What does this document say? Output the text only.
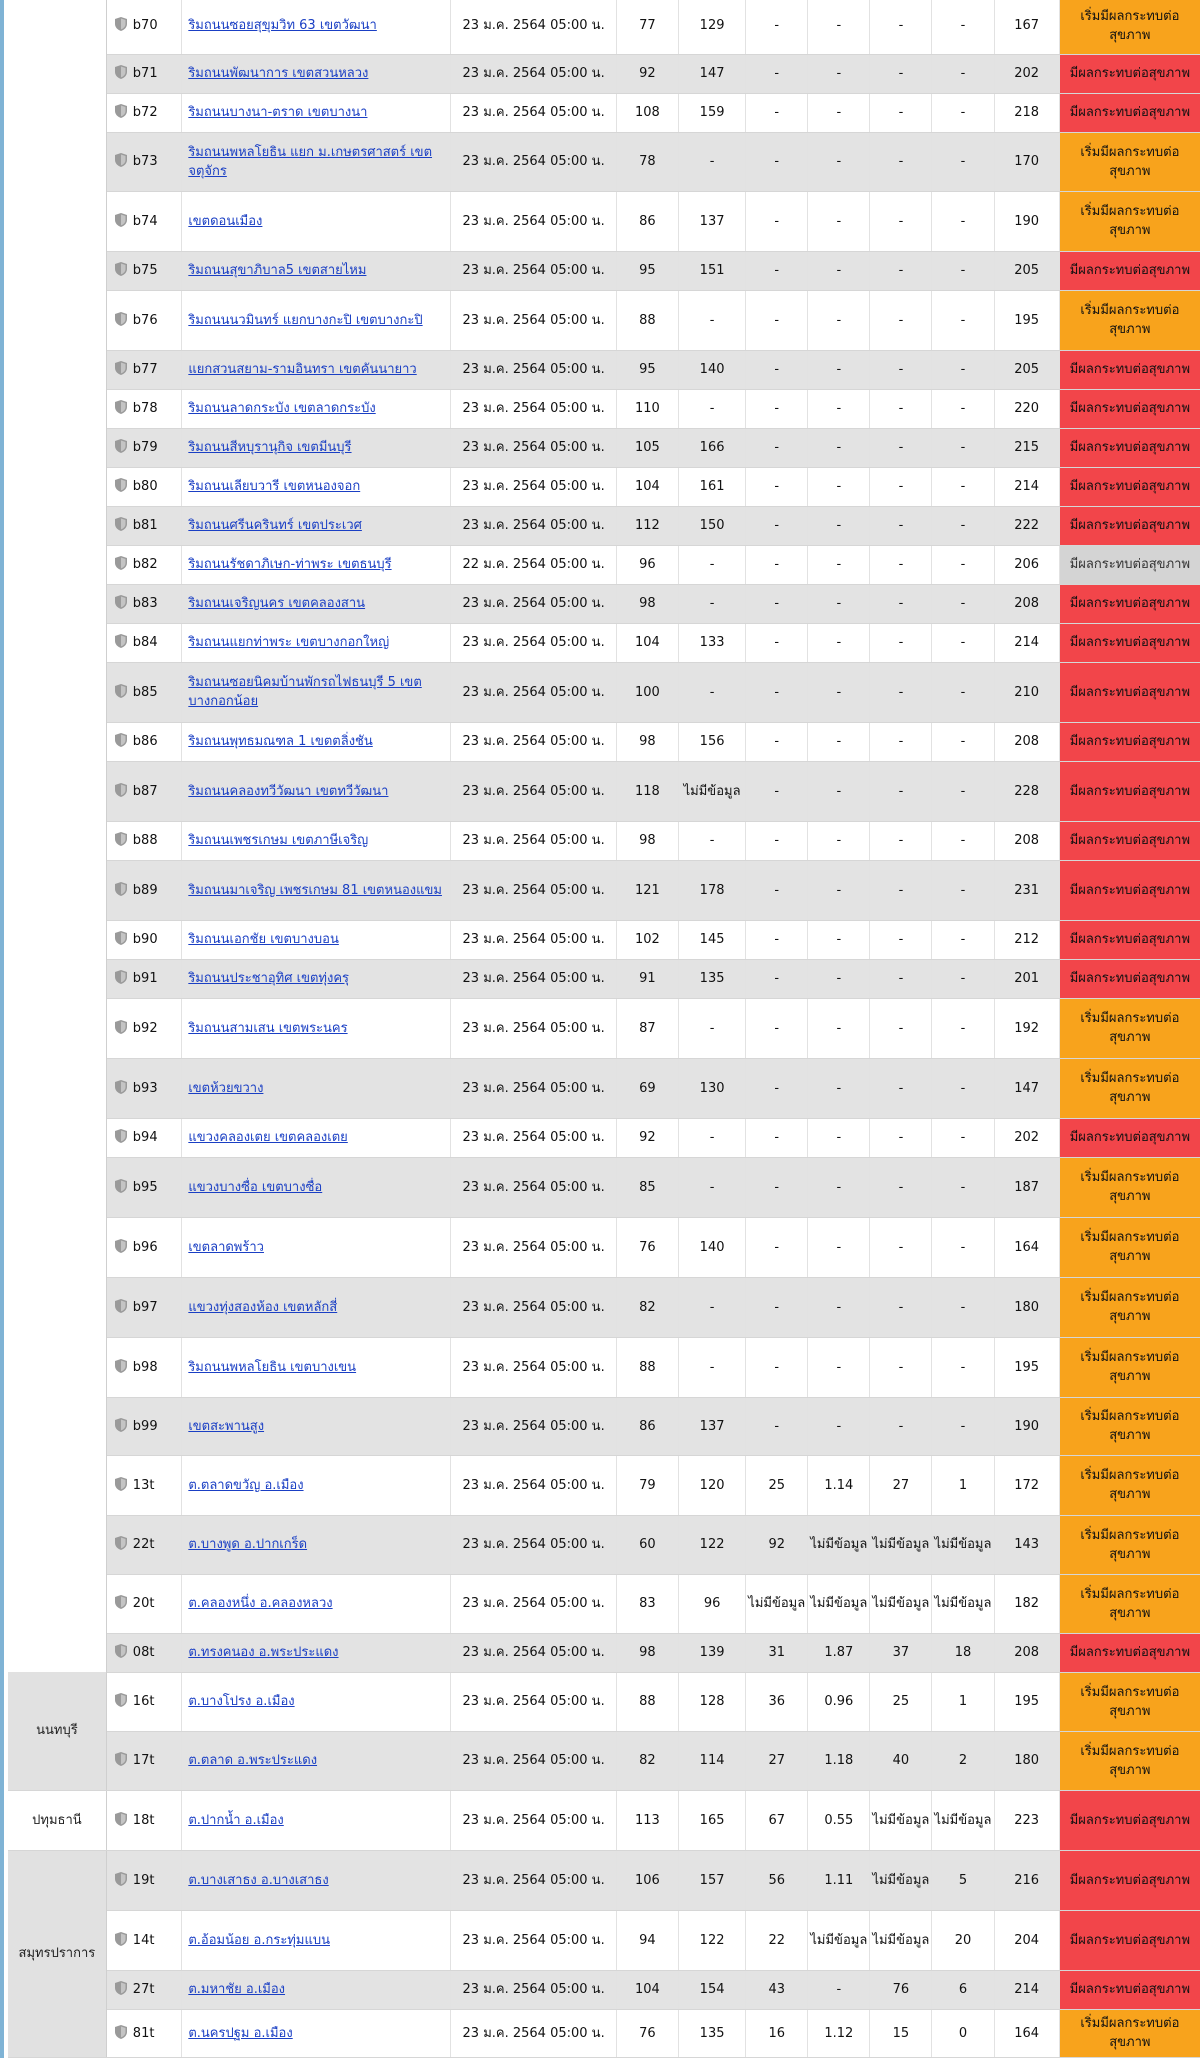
	b70	ริมถนนซอยสุขุมวิท 63 เขตวัฒนา	23 ม.ค. 2564 05:00 น.	77	129	-	-	-	-	167	เริ่มมีผลกระทบต่อสุขภาพ
	b71	ริมถนนพัฒนาการ เขตสวนหลวง	23 ม.ค. 2564 05:00 น.	92	147	-	-	-	-	202	มีผลกระทบต่อสุขภาพ
	b72	ริมถนนบางนา-ตราด เขตบางนา	23 ม.ค. 2564 05:00 น.	108	159	-	-	-	-	218	มีผลกระทบต่อสุขภาพ
	b73	ริมถนนพหลโยธิน แยก ม.เกษตรศาสตร์ เขตจตุจักร	23 ม.ค. 2564 05:00 น.	78	-	-	-	-	-	170	เริ่มมีผลกระทบต่อสุขภาพ
	b74	เขตดอนเมือง	23 ม.ค. 2564 05:00 น.	86	137	-	-	-	-	190	เริ่มมีผลกระทบต่อสุขภาพ
	b75	ริมถนนสุขาภิบาล5 เขตสายไหม	23 ม.ค. 2564 05:00 น.	95	151	-	-	-	-	205	มีผลกระทบต่อสุขภาพ
	b76	ริมถนนนวมินทร์ แยกบางกะปิ เขตบางกะปิ	23 ม.ค. 2564 05:00 น.	88	-	-	-	-	-	195	เริ่มมีผลกระทบต่อสุขภาพ
	b77	แยกสวนสยาม-รามอินทรา เขตคันนายาว	23 ม.ค. 2564 05:00 น.	95	140	-	-	-	-	205	มีผลกระทบต่อสุขภาพ
	b78	ริมถนนลาดกระบัง เขตลาดกระบัง	23 ม.ค. 2564 05:00 น.	110	-	-	-	-	-	220	มีผลกระทบต่อสุขภาพ
	b79	ริมถนนสีหบุรานุกิจ เขตมีนบุรี	23 ม.ค. 2564 05:00 น.	105	166	-	-	-	-	215	มีผลกระทบต่อสุขภาพ
	b80	ริมถนนเลียบวารี เขตหนองจอก	23 ม.ค. 2564 05:00 น.	104	161	-	-	-	-	214	มีผลกระทบต่อสุขภาพ
	b81	ริมถนนศรีนครินทร์ เขตประเวศ	23 ม.ค. 2564 05:00 น.	112	150	-	-	-	-	222	มีผลกระทบต่อสุขภาพ
	b82	ริมถนนรัชดาภิเษก-ท่าพระ เขตธนบุรี	22 ม.ค. 2564 05:00 น.	96	-	-	-	-	-	206	มีผลกระทบต่อสุขภาพ
	b83	ริมถนนเจริญนคร เขตคลองสาน	23 ม.ค. 2564 05:00 น.	98	-	-	-	-	-	208	มีผลกระทบต่อสุขภาพ
	b84	ริมถนนแยกท่าพระ เขตบางกอกใหญ่	23 ม.ค. 2564 05:00 น.	104	133	-	-	-	-	214	มีผลกระทบต่อสุขภาพ
	b85	ริมถนนซอยนิคมบ้านพักรถไฟธนบุรี 5 เขตบางกอกน้อย	23 ม.ค. 2564 05:00 น.	100	-	-	-	-	-	210	มีผลกระทบต่อสุขภาพ
	b86	ริมถนนพุทธมณฑล 1 เขตตลิ่งชัน	23 ม.ค. 2564 05:00 น.	98	156	-	-	-	-	208	มีผลกระทบต่อสุขภาพ
	b87	ริมถนนคลองทวีวัฒนา เขตทวีวัฒนา	23 ม.ค. 2564 05:00 น.	118	ไม่มีข้อมูล	-	-	-	-	228	มีผลกระทบต่อสุขภาพ
	b88	ริมถนนเพชรเกษม เขตภาษีเจริญ	23 ม.ค. 2564 05:00 น.	98	-	-	-	-	-	208	มีผลกระทบต่อสุขภาพ
	b89	ริมถนนมาเจริญ เพชรเกษม 81 เขตหนองแขม	23 ม.ค. 2564 05:00 น.	121	178	-	-	-	-	231	มีผลกระทบต่อสุขภาพ
	b90	ริมถนนเอกชัย เขตบางบอน	23 ม.ค. 2564 05:00 น.	102	145	-	-	-	-	212	มีผลกระทบต่อสุขภาพ
	b91	ริมถนนประชาอุทิศ เขตทุ่งครุ	23 ม.ค. 2564 05:00 น.	91	135	-	-	-	-	201	มีผลกระทบต่อสุขภาพ
	b92	ริมถนนสามเสน เขตพระนคร	23 ม.ค. 2564 05:00 น.	87	-	-	-	-	-	192	เริ่มมีผลกระทบต่อสุขภาพ
	b93	เขตห้วยขวาง	23 ม.ค. 2564 05:00 น.	69	130	-	-	-	-	147	เริ่มมีผลกระทบต่อสุขภาพ
	b94	แขวงคลองเตย เขตคลองเตย	23 ม.ค. 2564 05:00 น.	92	-	-	-	-	-	202	มีผลกระทบต่อสุขภาพ
	b95	แขวงบางซื่อ เขตบางซื่อ	23 ม.ค. 2564 05:00 น.	85	-	-	-	-	-	187	เริ่มมีผลกระทบต่อสุขภาพ
	b96	เขตลาดพร้าว	23 ม.ค. 2564 05:00 น.	76	140	-	-	-	-	164	เริ่มมีผลกระทบต่อสุขภาพ
	b97	แขวงทุ่งสองห้อง เขตหลักสี่	23 ม.ค. 2564 05:00 น.	82	-	-	-	-	-	180	เริ่มมีผลกระทบต่อสุขภาพ
	b98	ริมถนนพหลโยธิน เขตบางเขน	23 ม.ค. 2564 05:00 น.	88	-	-	-	-	-	195	เริ่มมีผลกระทบต่อสุขภาพ
	b99	เขตสะพานสูง	23 ม.ค. 2564 05:00 น.	86	137	-	-	-	-	190	เริ่มมีผลกระทบต่อสุขภาพ
	13t	ต.ตลาดขวัญ อ.เมือง	23 ม.ค. 2564 05:00 น.	79	120	25	1.14	27	1	172	เริ่มมีผลกระทบต่อสุขภาพ
	22t	ต.บางพูด อ.ปากเกร็ด	23 ม.ค. 2564 05:00 น.	60	122	92	ไม่มีข้อมูล	ไม่มีข้อมูล	ไม่มีข้อมูล	143	เริ่มมีผลกระทบต่อสุขภาพ
	20t	ต.คลองหนึ่ง อ.คลองหลวง	23 ม.ค. 2564 05:00 น.	83	96	ไม่มีข้อมูล	ไม่มีข้อมูล	ไม่มีข้อมูล	ไม่มีข้อมูล	182	เริ่มมีผลกระทบต่อสุขภาพ
	08t	ต.ทรงคนอง อ.พระประแดง	23 ม.ค. 2564 05:00 น.	98	139	31	1.87	37	18	208	มีผลกระทบต่อสุขภาพ
นนทบุรี	16t	ต.บางโปรง อ.เมือง	23 ม.ค. 2564 05:00 น.	88	128	36	0.96	25	1	195	เริ่มมีผลกระทบต่อสุขภาพ
	17t	ต.ตลาด อ.พระประแดง	23 ม.ค. 2564 05:00 น.	82	114	27	1.18	40	2	180	เริ่มมีผลกระทบต่อสุขภาพ
ปทุมธานี	18t	ต.ปากน้ำ อ.เมือง	23 ม.ค. 2564 05:00 น.	113	165	67	0.55	ไม่มีข้อมูล	ไม่มีข้อมูล	223	มีผลกระทบต่อสุขภาพ
สมุทรปราการ	19t	ต.บางเสาธง อ.บางเสาธง	23 ม.ค. 2564 05:00 น.	106	157	56	1.11	ไม่มีข้อมูล	5	216	มีผลกระทบต่อสุขภาพ
	14t	ต.อ้อมน้อย อ.กระทุ่มแบน	23 ม.ค. 2564 05:00 น.	94	122	22	ไม่มีข้อมูล	ไม่มีข้อมูล	20	204	มีผลกระทบต่อสุขภาพ
	27t	ต.มหาชัย อ.เมือง	23 ม.ค. 2564 05:00 น.	104	154	43	-	76	6	214	มีผลกระทบต่อสุขภาพ
	81t	ต.นครปฐม อ.เมือง	23 ม.ค. 2564 05:00 น.	76	135	16	1.12	15	0	164	เริ่มมีผลกระทบต่อสุขภาพ
